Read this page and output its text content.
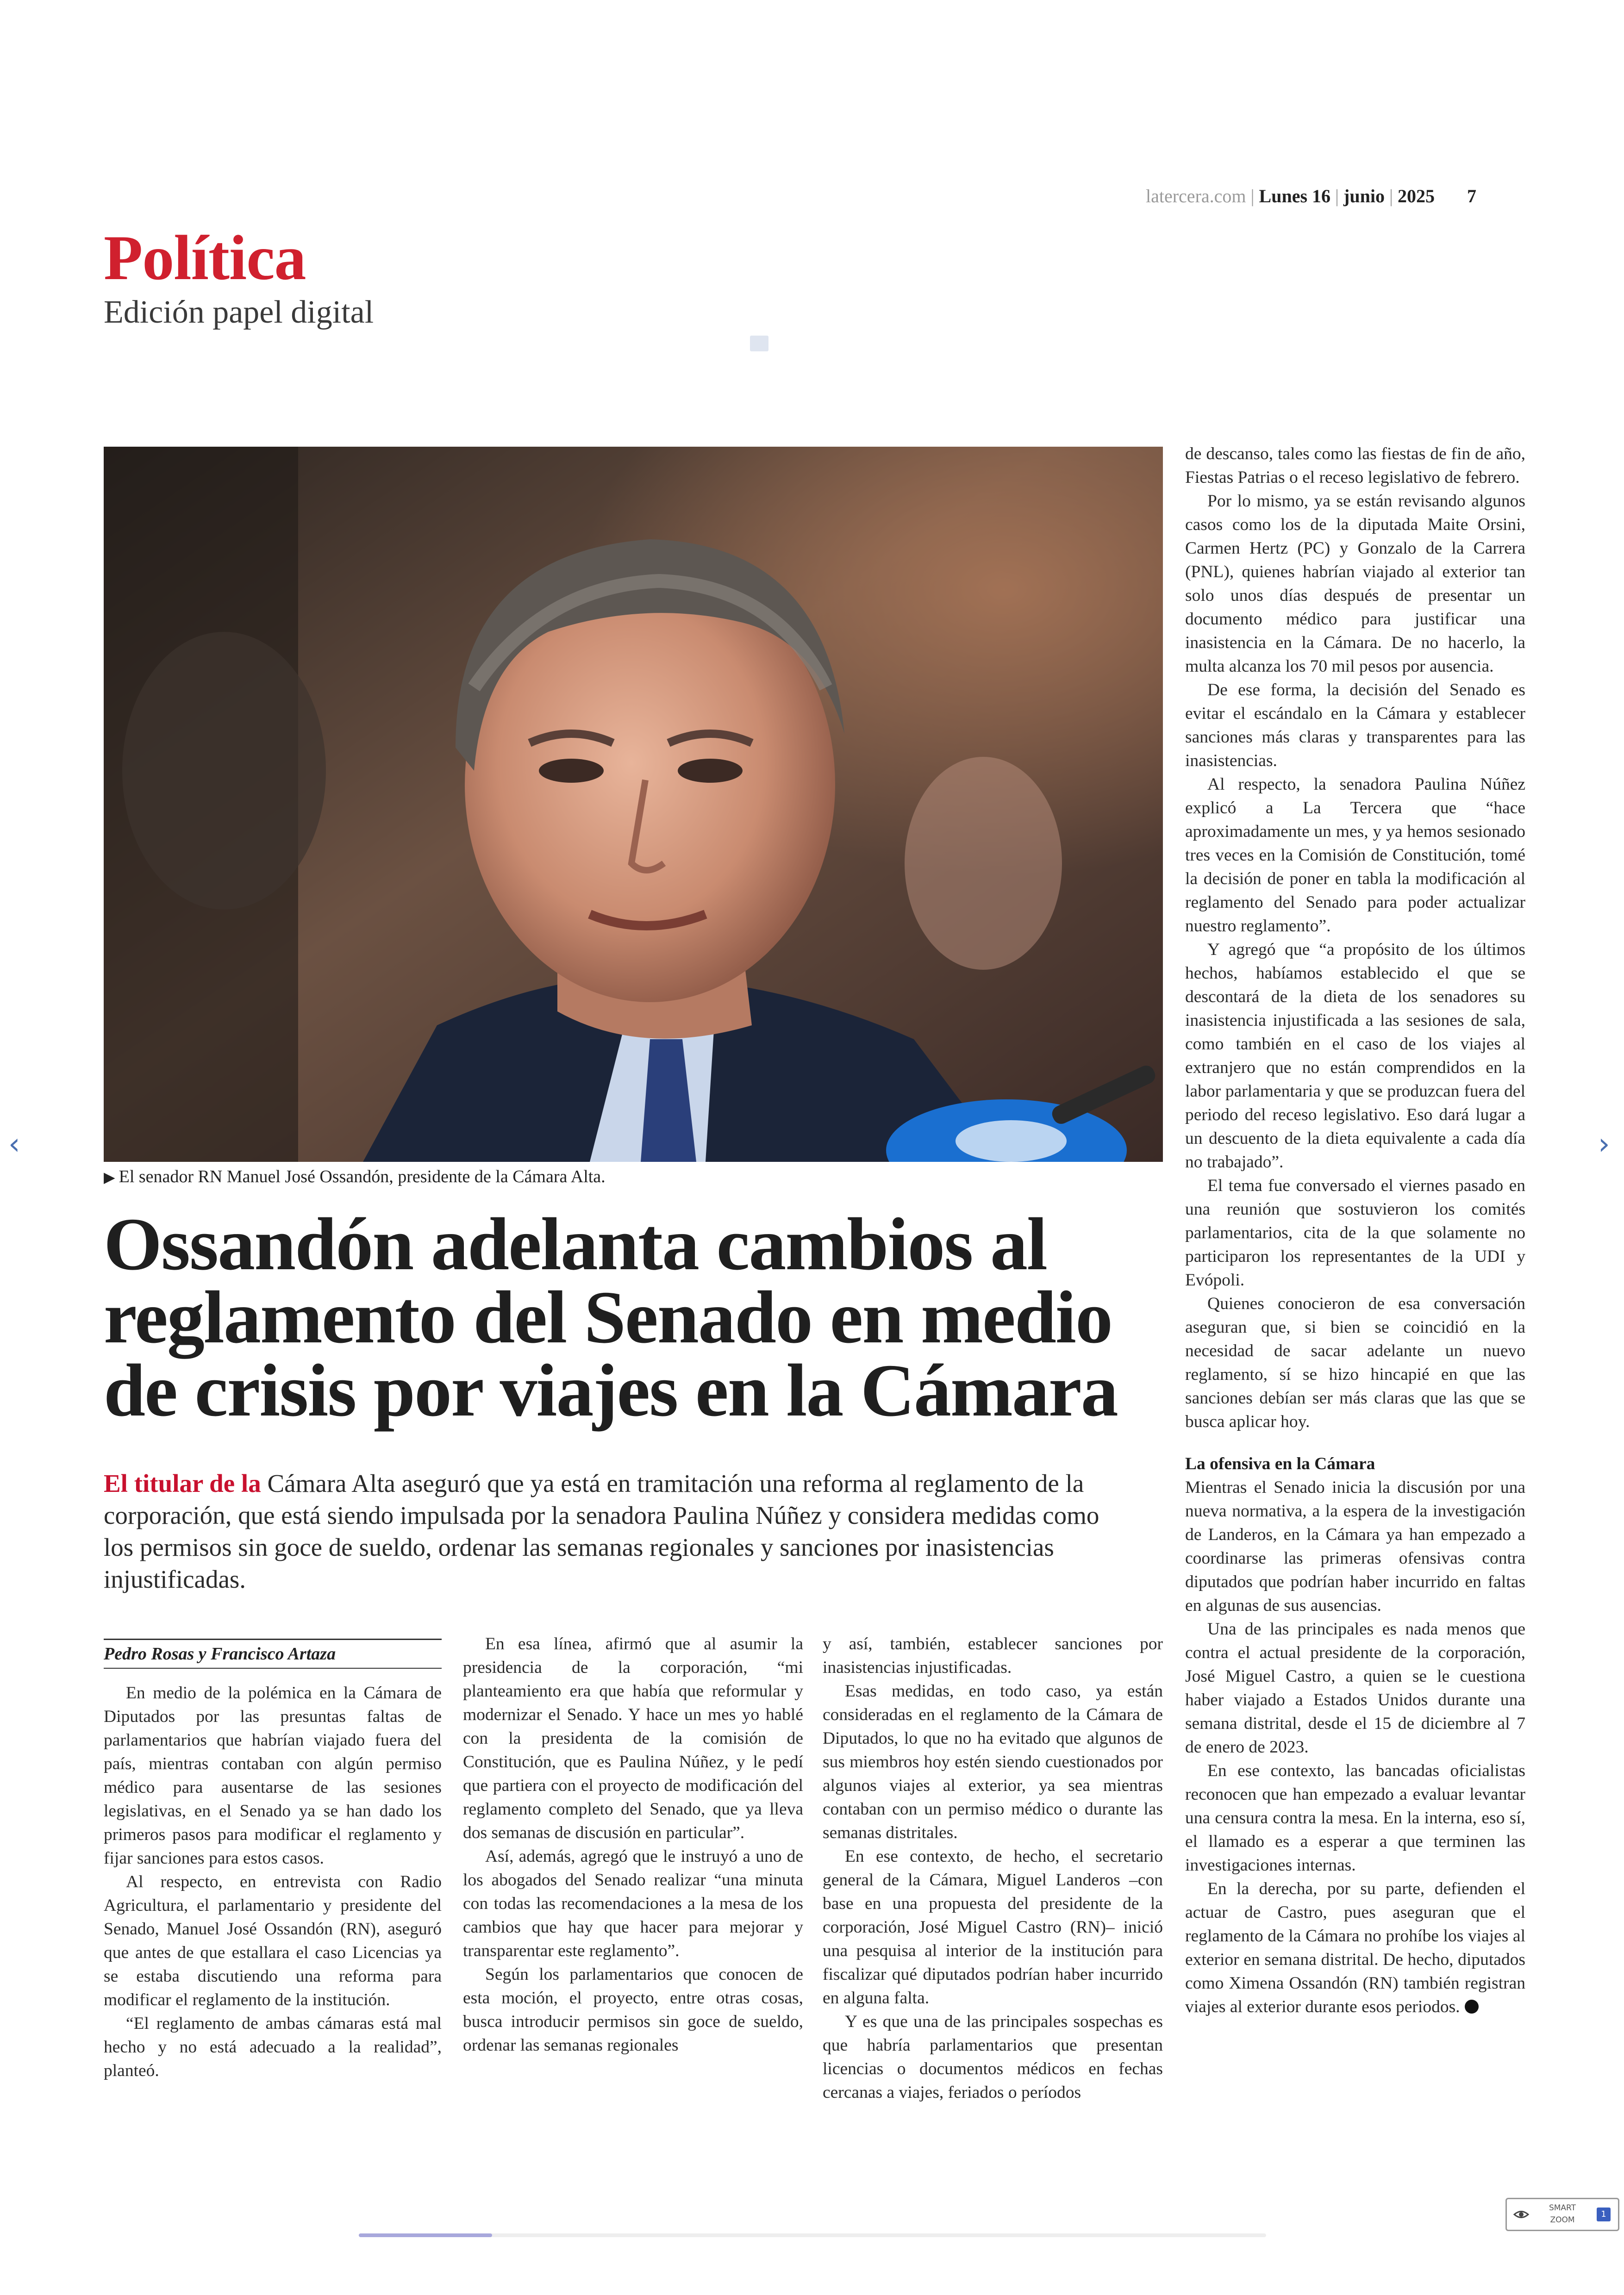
latercera.com | Lunes 16 | junio | 2025 7
Política
Edición papel digital
▶ El senador RN Manuel José Ossandón, presidente de la Cámara Alta.
Ossandón adelanta cambios al reglamento del Senado en medio de crisis por viajes en la Cámara
El titular de la Cámara Alta aseguró que ya está en tramitación una reforma al reglamento de la corporación, que está siendo impulsada por la senadora Paulina Núñez y considera medidas como los permisos sin goce de sueldo, ordenar las semanas regionales y sanciones por inasistencias injustificadas.
Pedro Rosas y Francisco Artaza

En medio de la polémica en la Cámara de Diputados por las presuntas faltas de parlamentarios que habrían viajado fuera del país, mientras contaban con algún permiso médico para ausentarse de las sesiones legislativas, en el Senado ya se han dado los primeros pasos para modificar el reglamento y fijar sanciones para estos casos.

Al respecto, en entrevista con Radio Agricultura, el parlamentario y presidente del Senado, Manuel José Ossandón (RN), aseguró que antes de que estallara el caso Licencias ya se estaba discutiendo una reforma para modificar el reglamento de la institución.

“El reglamento de ambas cámaras está mal hecho y no está adecuado a la realidad”, planteó.

En esa línea, afirmó que al asumir la presidencia de la corporación, “mi planteamiento era que había que reformular y modernizar el Senado. Y hace un mes yo hablé con la presidenta de la comisión de Constitución, que es Paulina Núñez, y le pedí que partiera con el proyecto de modificación del reglamento completo del Senado, que ya lleva dos semanas de discusión en particular”.

Así, además, agregó que le instruyó a uno de los abogados del Senado realizar “una minuta con todas las recomendaciones a la mesa de los cambios que hay que hacer para mejorar y transparentar este reglamento”.

Según los parlamentarios que conocen de esta moción, el proyecto, entre otras cosas, busca introducir permisos sin goce de sueldo, ordenar las semanas regionales

y así, también, establecer sanciones por inasistencias injustificadas.

Esas medidas, en todo caso, ya están consideradas en el reglamento de la Cámara de Diputados, lo que no ha evitado que algunos de sus miembros hoy estén siendo cuestionados por algunos viajes al exterior, ya sea mientras contaban con un permiso médico o durante las semanas distritales.

En ese contexto, de hecho, el secretario general de la Cámara, Miguel Landeros –con base en una propuesta del presidente de la corporación, José Miguel Castro (RN)– inició una pesquisa al interior de la institución para fiscalizar qué diputados podrían haber incurrido en alguna falta.

Y es que una de las principales sospechas es que habría parlamentarios que presentan licencias o documentos médicos en fechas cercanas a viajes, feriados o períodos

de descanso, tales como las fiestas de fin de año, Fiestas Patrias o el receso legislativo de febrero.

Por lo mismo, ya se están revisando algunos casos como los de la diputada Maite Orsini, Carmen Hertz (PC) y Gonzalo de la Carrera (PNL), quienes habrían viajado al exterior tan solo unos días después de presentar un documento médico para justificar una inasistencia en la Cámara. De no hacerlo, la multa alcanza los 70 mil pesos por ausencia.

De ese forma, la decisión del Senado es evitar el escándalo en la Cámara y establecer sanciones más claras y transparentes para las inasistencias.

Al respecto, la senadora Paulina Núñez explicó a La Tercera que “hace aproximadamente un mes, y ya hemos sesionado tres veces en la Comisión de Constitución, tomé la decisión de poner en tabla la modificación al reglamento del Senado para poder actualizar nuestro reglamento”.

Y agregó que “a propósito de los últimos hechos, habíamos establecido el que se descontará de la dieta de los senadores su inasistencia injustificada a las sesiones de sala, como también en el caso de los viajes al extranjero que no están comprendidos en la labor parlamentaria y que se produzcan fuera del periodo del receso legislativo. Eso dará lugar a un descuento de la dieta equivalente a cada día no trabajado”.

El tema fue conversado el viernes pasado en una reunión que sostuvieron los comités parlamentarios, cita de la que solamente no participaron los representantes de la UDI y Evópoli.

Quienes conocieron de esa conversación aseguran que, si bien se coincidió en la necesidad de sacar adelante un nuevo reglamento, sí se hizo hincapié en que las sanciones debían ser más claras que las que se busca aplicar hoy.

La ofensiva en la Cámara

Mientras el Senado inicia la discusión por una nueva normativa, a la espera de la investigación de Landeros, en la Cámara ya han empezado a coordinarse las primeras ofensivas contra diputados que podrían haber incurrido en faltas en algunas de sus ausencias.

Una de las principales es nada menos que contra el actual presidente de la corporación, José Miguel Castro, a quien se le cuestiona haber viajado a Estados Unidos durante una semana distrital, desde el 15 de diciembre al 7 de enero de 2023.

En ese contexto, las bancadas oficialistas reconocen que han empezado a evaluar levantar una censura contra la mesa. En la interna, eso sí, el llamado es a esperar a que terminen las investigaciones internas.

En la derecha, por su parte, defienden el actuar de Castro, pues aseguran que el reglamento de la Cámara no prohíbe los viajes al exterior en semana distrital. De hecho, diputados como Ximena Ossandón (RN) también registran viajes al exterior durante esos periodos.

‹	›
SMART
ZOOM
1
